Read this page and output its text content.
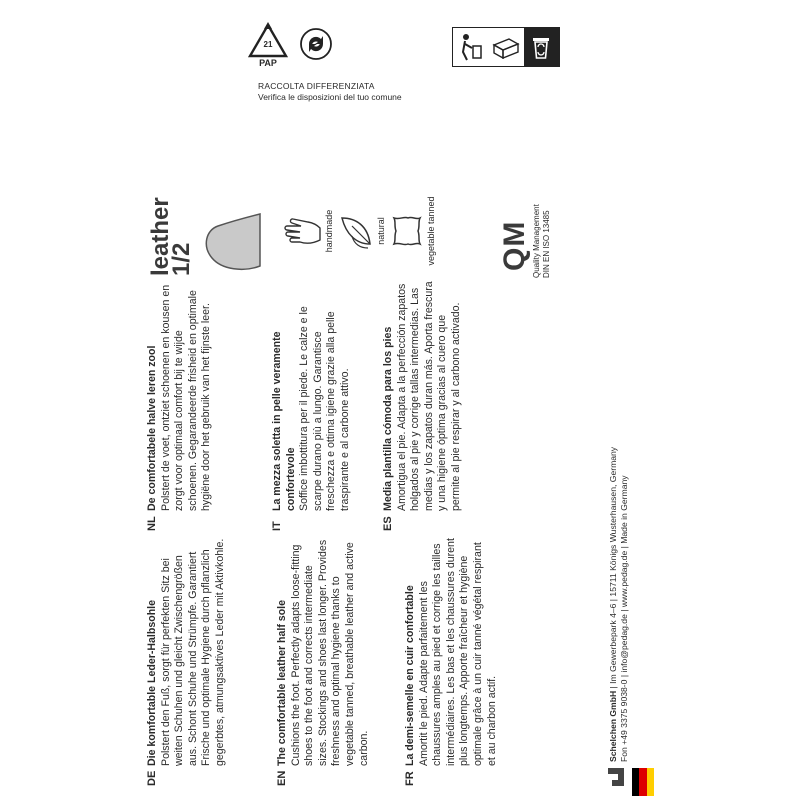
21
PAP
RACCOLTA DIFFERENZIATA
Verifica le disposizioni del tuo comune
DE

Die komfortable Leder-Halbsohle Polstert den Fuß, sorgt für perfekten Sitz bei weiten Schuhen und gleicht Zwischengrößen aus. Schont Schuhe und Strümpfe. Garantiert Frische und optimale Hygiene durch pflanzlich gegerbtes, atmungsaktives Leder mit Aktivkohle.

EN

The comfortable leather half sole Cushions the foot. Perfectly adapts loose-fitting shoes to the foot and corrects intermediate sizes. Stockings and shoes last longer. Provides freshness and optimal hygiene thanks to vegetable tanned, breathable leather and active carbon.

FR

La demi-semelle en cuir confortable Amortit le pied. Adapte parfaitement les chaussures amples au pied et corrige les tailles intermédiaires. Les bas et les chaussures durent plus longtemps. Apporte fraîcheur et hygiène optimale grâce à un cuir tanné végétal respirant et au charbon actif.

NL

De comfortabele halve leren zool Polstert de voet, ontziet schoenen en kousen en zorgt voor optimaal comfort bij te wijde schoenen. Gegarandeerde frisheid en optimale hygiëne door het gebruik van het fijnste leer.

IT

La mezza soletta in pelle veramente confortevole Soffice imbottitura per il piede. Le calze e le scarpe durano più a lungo. Garantisce freschezza e ottima igiene grazie alla pelle traspirante e al carbone attivo.

ES

Media plantilla cómoda para los pies Amortigua el pie. Adapta a la perfección zapatos holgados al pie y corrige tallas intermedias. Las medias y los zapatos duran más. Aporta frescura y una higiene óptima gracias al cuero que permite al pie respirar y al carbono activado.

leather
1/2
handmade	natural	vegetable tanned QM Quality Management DIN EN ISO 13485
Schelchen GmbH | Im Gewerbepark 4–6 | 15711 Königs Wusterhausen, Germany Fon +49 3375 9038-0 | info@pedag.de | www.pedag.de | Made in Germany
